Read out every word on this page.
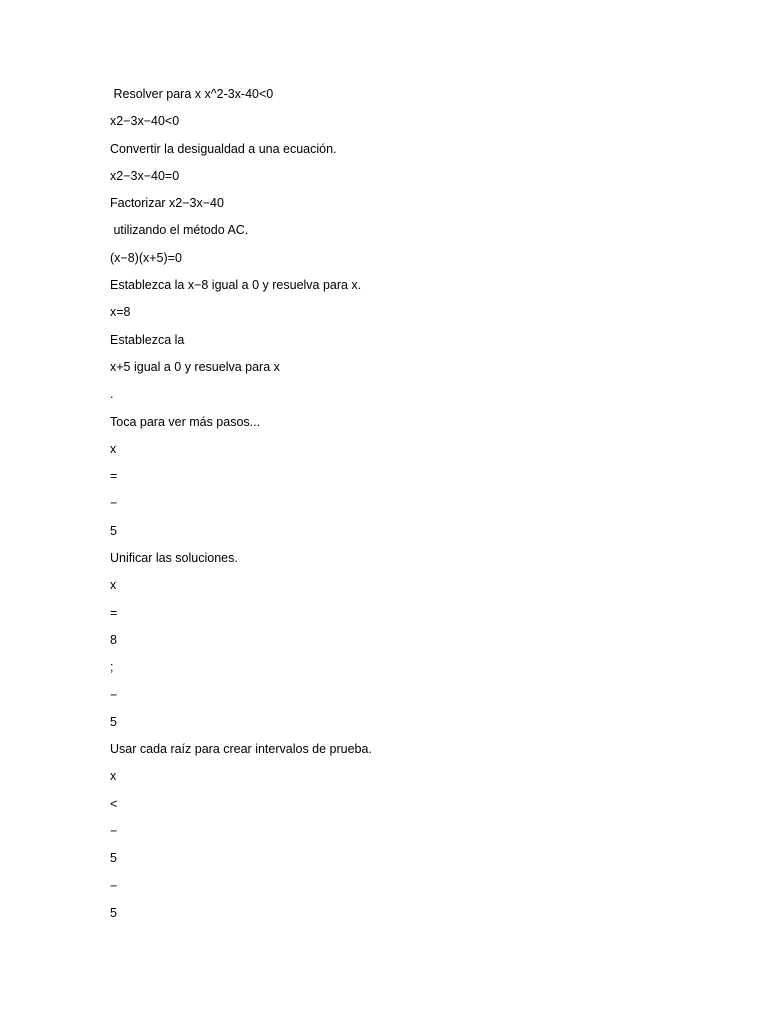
Resolver para x x^2-3x-40<0
x2−3x−40<0
Convertir la desigualdad a una ecuación.
x2−3x−40=0
Factorizar x2−3x−40
utilizando el método AC.
(x−8)(x+5)=0
Establezca la x−8 igual a 0 y resuelva para x.
x=8
Establezca la
x+5 igual a 0 y resuelva para x
.
Toca para ver más pasos...
x
=
−
5
Unificar las soluciones.
x
=
8
;
−
5
Usar cada raíz para crear intervalos de prueba.
x
<
−
5
−
5
